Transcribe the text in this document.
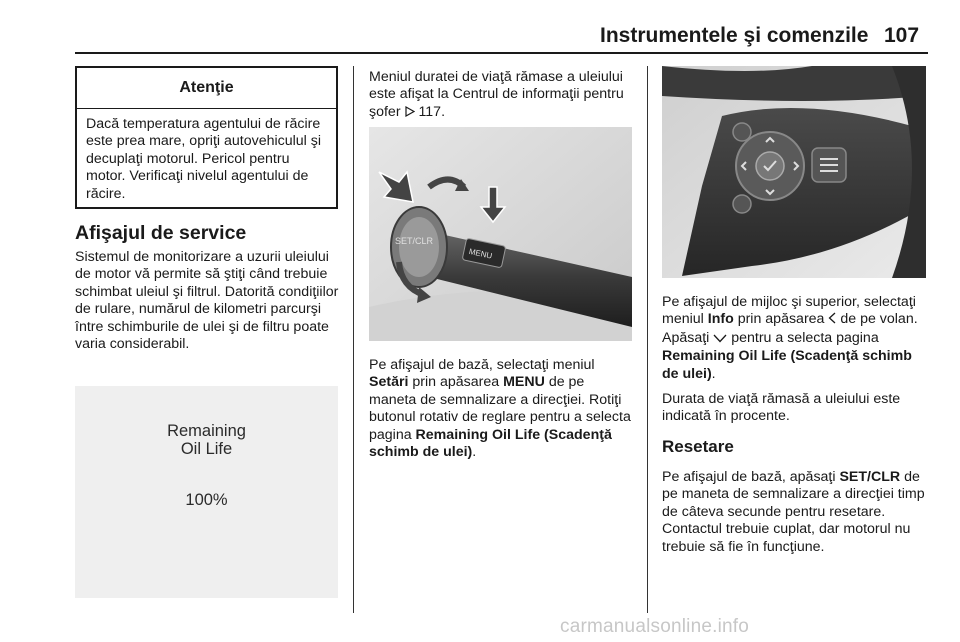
Instrumentele şi comenzile 107
Atenţie
Dacă temperatura agentului de răcire este prea mare, opriţi autovehiculul şi decuplaţi motorul. Pericol pentru motor. Verificaţi nivelul agentului de răcire.
Afişajul de service
Sistemul de monitorizare a uzurii uleiului de motor vă permite să ştiţi când trebuie schimbat uleiul şi filtrul. Datorită condiţiilor de rulare, numărul de kilometri parcurşi între schimburile de ulei şi de filtru poate varia considerabil.
Remaining
Oil Life
100%
Meniul duratei de viaţă rămase a uleiului este afişat la Centrul de informaţii pentru şofer 117.
SET/CLR
MENU
Pe afişajul de bază, selectaţi meniul Setări prin apăsarea MENU de pe maneta de semnalizare a direcţiei. Rotiţi butonul rotativ de reglare pentru a selecta pagina Remaining Oil Life (Scadenţă schimb de ulei).
Pe afişajul de mijloc şi superior, selectaţi meniul Info prin apăsarea  de pe volan. Apăsaţi  pentru a selecta pagina Remaining Oil Life (Scadenţă schimb de ulei).
Durata de viaţă rămasă a uleiului este indicată în procente.
Resetare
Pe afişajul de bază, apăsaţi SET/CLR de pe maneta de semnalizare a direcţiei timp de câteva secunde pentru resetare. Contactul trebuie cuplat, dar motorul nu trebuie să fie în funcţiune.
carmanualsonline.info
